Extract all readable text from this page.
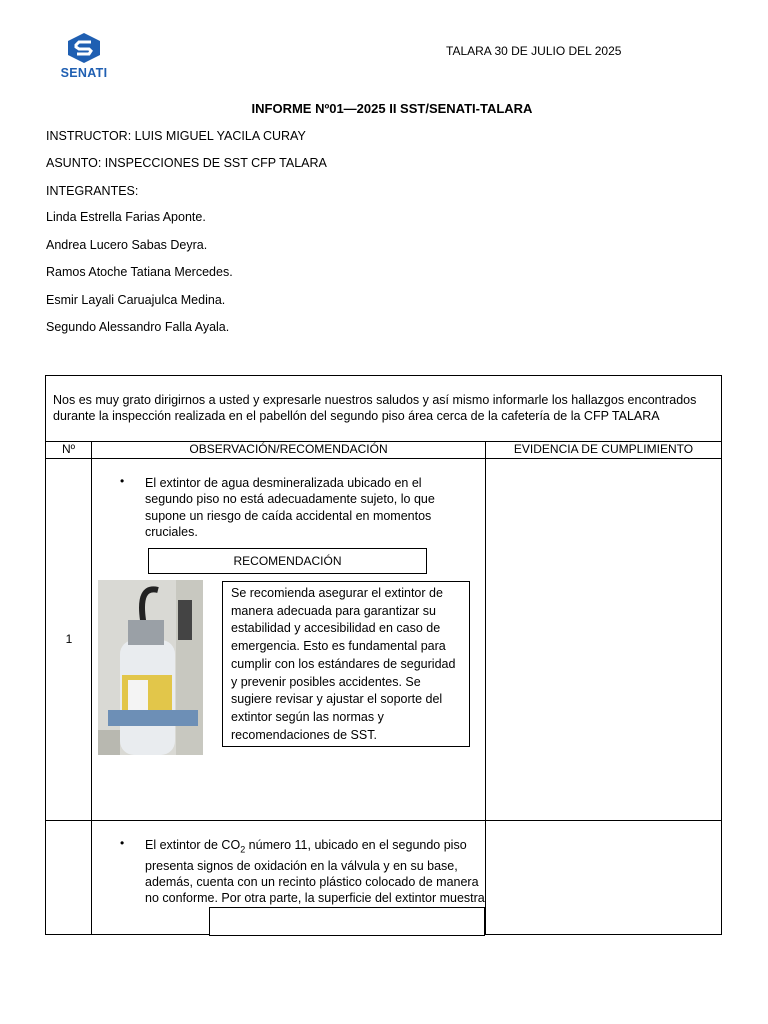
SENATI
TALARA 30 DE JULIO DEL 2025
INFORME Nº01—2025 II SST/SENATI-TALARA
INSTRUCTOR: LUIS MIGUEL YACILA CURAY
ASUNTO: INSPECCIONES DE SST CFP TALARA
INTEGRANTES:
Linda Estrella Farias Aponte.
Andrea Lucero Sabas Deyra.
Ramos Atoche Tatiana Mercedes.
Esmir Layali Caruajulca Medina.
Segundo Alessandro Falla Ayala.
Nos es muy grato dirigirnos a usted y expresarle nuestros saludos y así mismo informarle los hallazgos encontrados durante la inspección realizada en el pabellón del segundo piso área cerca de la cafetería de la CFP TALARA
Nº	OBSERVACIÓN/RECOMENDACIÓN	EVIDENCIA DE CUMPLIMIENTO
1
• El extintor de agua desmineralizada ubicado en el segundo piso no está adecuadamente sujeto, lo que supone un riesgo de caída accidental en momentos cruciales.
RECOMENDACIÓN
Se recomienda asegurar el extintor de manera adecuada para garantizar su estabilidad y accesibilidad en caso de emergencia. Esto es fundamental para cumplir con los estándares de seguridad y prevenir posibles accidentes. Se sugiere revisar y ajustar el soporte del extintor según las normas y recomendaciones de SST.
• El extintor de $CO_2$ número 11, ubicado en el segundo piso presenta signos de oxidación en la válvula y en su base, además, cuenta con un recinto plástico colocado de manera no conforme. Por otra parte, la superficie del extintor muestra
